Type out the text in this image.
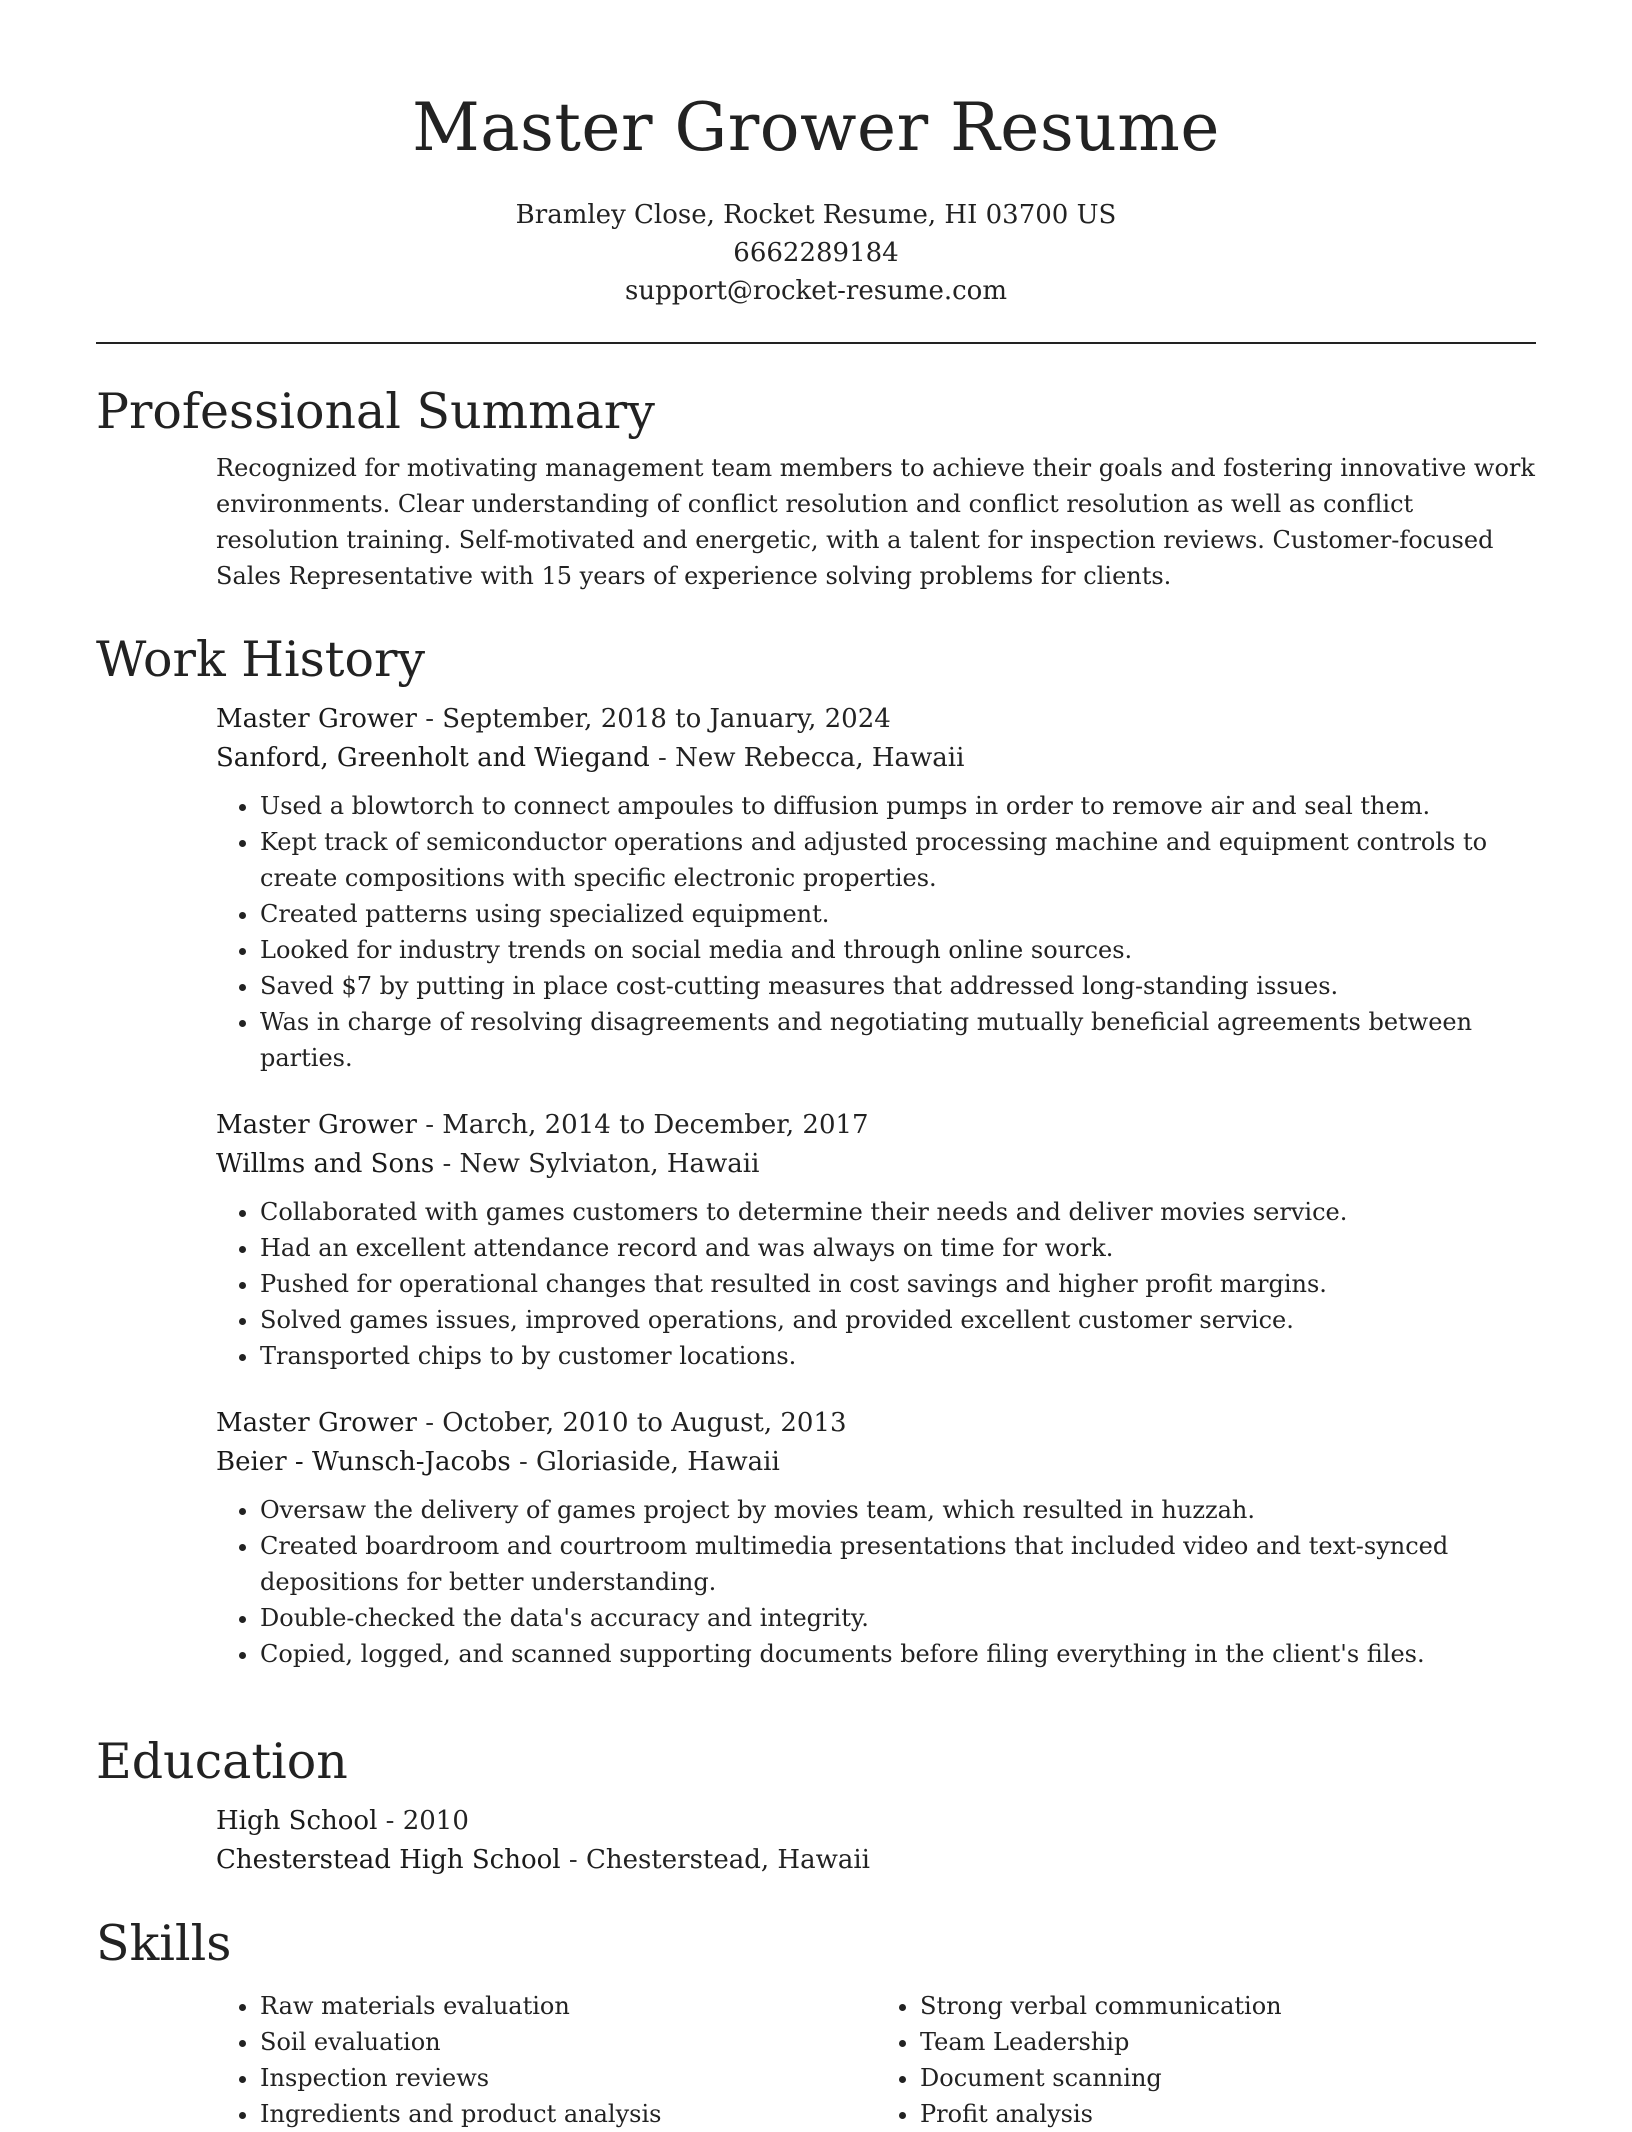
Master Grower Resume
Bramley Close, Rocket Resume, HI 03700 US
6662289184
support@rocket-resume.com
Professional Summary

Recognized for motivating management team members to achieve their goals and fostering innovative work environments. Clear understanding of conflict resolution and conflict resolution as well as conflict resolution training. Self-motivated and energetic, with a talent for inspection reviews. Customer-focused Sales Representative with 15 years of experience solving problems for clients.

Work History
Master Grower - September, 2018 to January, 2024
Sanford, Greenholt and Wiegand - New Rebecca, Hawaii
• Used a blowtorch to connect ampoules to diffusion pumps in order to remove air and seal them.
• Kept track of semiconductor operations and adjusted processing machine and equipment controls to create compositions with specific electronic properties.
• Created patterns using specialized equipment.
• Looked for industry trends on social media and through online sources.
• Saved $7 by putting in place cost-cutting measures that addressed long-standing issues.
• Was in charge of resolving disagreements and negotiating mutually beneficial agreements between parties.
Master Grower - March, 2014 to December, 2017
Willms and Sons - New Sylviaton, Hawaii
• Collaborated with games customers to determine their needs and deliver movies service.
• Had an excellent attendance record and was always on time for work.
• Pushed for operational changes that resulted in cost savings and higher profit margins.
• Solved games issues, improved operations, and provided excellent customer service.
• Transported chips to by customer locations.
Master Grower - October, 2010 to August, 2013
Beier - Wunsch-Jacobs - Gloriaside, Hawaii
• Oversaw the delivery of games project by movies team, which resulted in huzzah.
• Created boardroom and courtroom multimedia presentations that included video and text-synced depositions for better understanding.
• Double-checked the data's accuracy and integrity.
• Copied, logged, and scanned supporting documents before filing everything in the client's files.
Education
High School - 2010
Chesterstead High School - Chesterstead, Hawaii
Skills
• Raw materials evaluation
• Soil evaluation
• Inspection reviews
• Ingredients and product analysis
• Strong verbal communication
• Team Leadership
• Document scanning
• Profit analysis
